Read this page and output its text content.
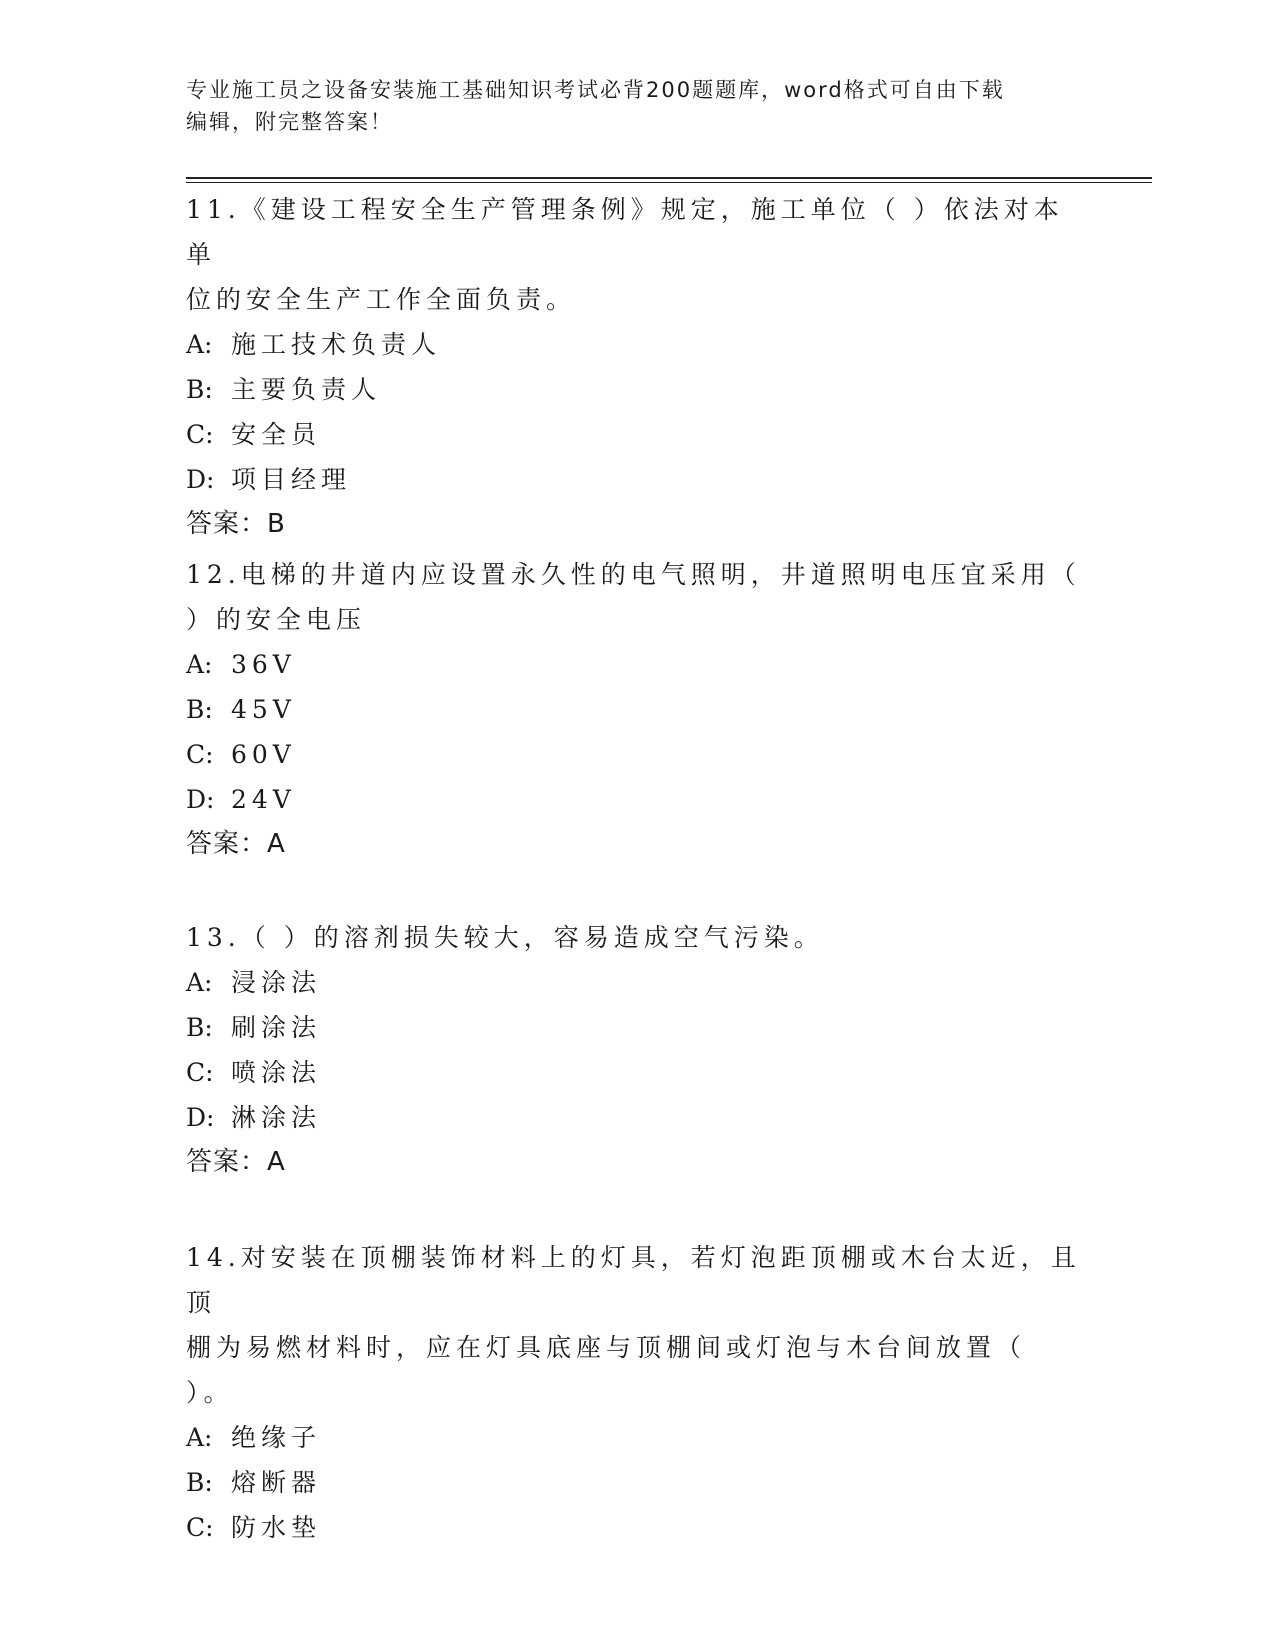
专业施工员之设备安装施工基础知识考试必背200题题库，word格式可自由下载
编辑，附完整答案！

11.《建设工程安全生产管理条例》规定，施工单位（ ）依法对本单

位的安全生产工作全面负责。

A: 施工技术负责人

B: 主要负责人

C: 安全员

D: 项目经理

答案：B

12.电梯的井道内应设置永久性的电气照明，井道照明电压宜采用（

）的安全电压

A: 36V

B: 45V

C: 60V

D: 24V

答案：A

13.（ ）的溶剂损失较大，容易造成空气污染。

A: 浸涂法

B: 刷涂法

C: 喷涂法

D: 淋涂法

答案：A

14.对安装在顶棚装饰材料上的灯具，若灯泡距顶棚或木台太近，且顶

棚为易燃材料时，应在灯具底座与顶棚间或灯泡与木台间放置（ ）。

A: 绝缘子

B: 熔断器

C: 防水垫
